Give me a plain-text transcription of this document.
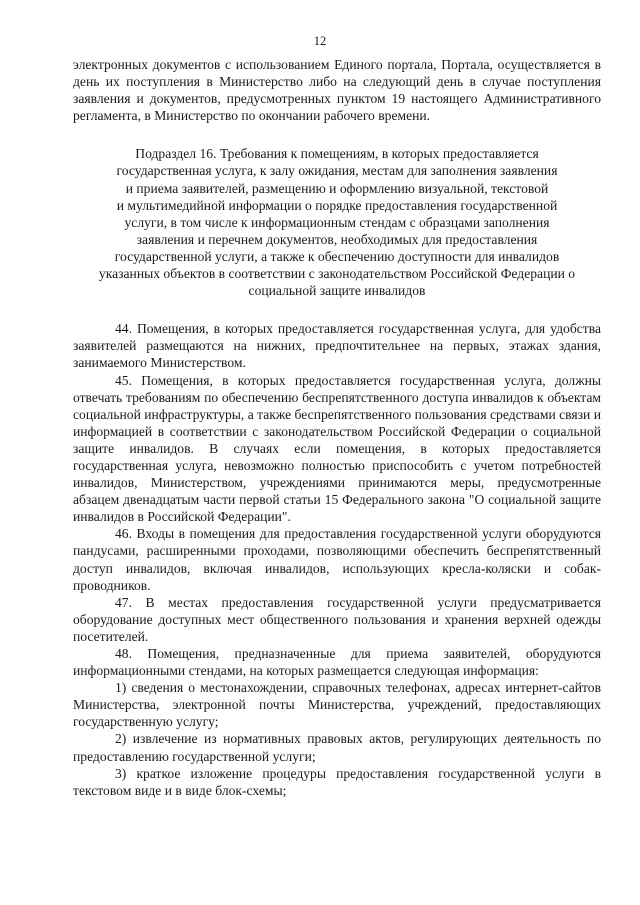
12

электронных документов с использованием Единого портала, Портала, осуществляется в день их поступления в Министерство либо на следующий день в случае поступления заявления и документов, предусмотренных пунктом 19 настоящего Административного регламента, в Министерство по окончании рабочего времени.

Подраздел 16. Требования к помещениям, в которых предоставляется
государственная услуга, к залу ожидания, местам для заполнения заявления
и приема заявителей, размещению и оформлению визуальной, текстовой
и мультимедийной информации о порядке предоставления государственной
услуги, в том числе к информационным стендам с образцами заполнения
заявления и перечнем документов, необходимых для предоставления
государственной услуги, а также к обеспечению доступности для инвалидов
указанных объектов в соответствии с законодательством Российской Федерации о
социальной защите инвалидов

44. Помещения, в которых предоставляется государственная услуга, для удобства заявителей размещаются на нижних, предпочтительнее на первых, этажах здания, занимаемого Министерством.

45. Помещения, в которых предоставляется государственная услуга, должны отвечать требованиям по обеспечению беспрепятственного доступа инвалидов к объектам социальной инфраструктуры, а также беспрепятственного пользования средствами связи и информацией в соответствии с законодательством Российской Федерации о социальной защите инвалидов. В случаях если помещения, в которых предоставляется государственная услуга, невозможно полностью приспособить с учетом потребностей инвалидов, Министерством, учреждениями принимаются меры, предусмотренные абзацем двенадцатым части первой статьи 15 Федерального закона "О социальной защите инвалидов в Российской Федерации".

46. Входы в помещения для предоставления государственной услуги оборудуются пандусами, расширенными проходами, позволяющими обеспечить беспрепятственный доступ инвалидов, включая инвалидов, использующих кресла-коляски и собак-проводников.

47. В местах предоставления государственной услуги предусматривается оборудование доступных мест общественного пользования и хранения верхней одежды посетителей.

48. Помещения, предназначенные для приема заявителей, оборудуются информационными стендами, на которых размещается следующая информация:

1) сведения о местонахождении, справочных телефонах, адресах интернет-сайтов Министерства, электронной почты Министерства, учреждений, предоставляющих государственную услугу;

2) извлечение из нормативных правовых актов, регулирующих деятельность по предоставлению государственной услуги;

3) краткое изложение процедуры предоставления государственной услуги в текстовом виде и в виде блок-схемы;
